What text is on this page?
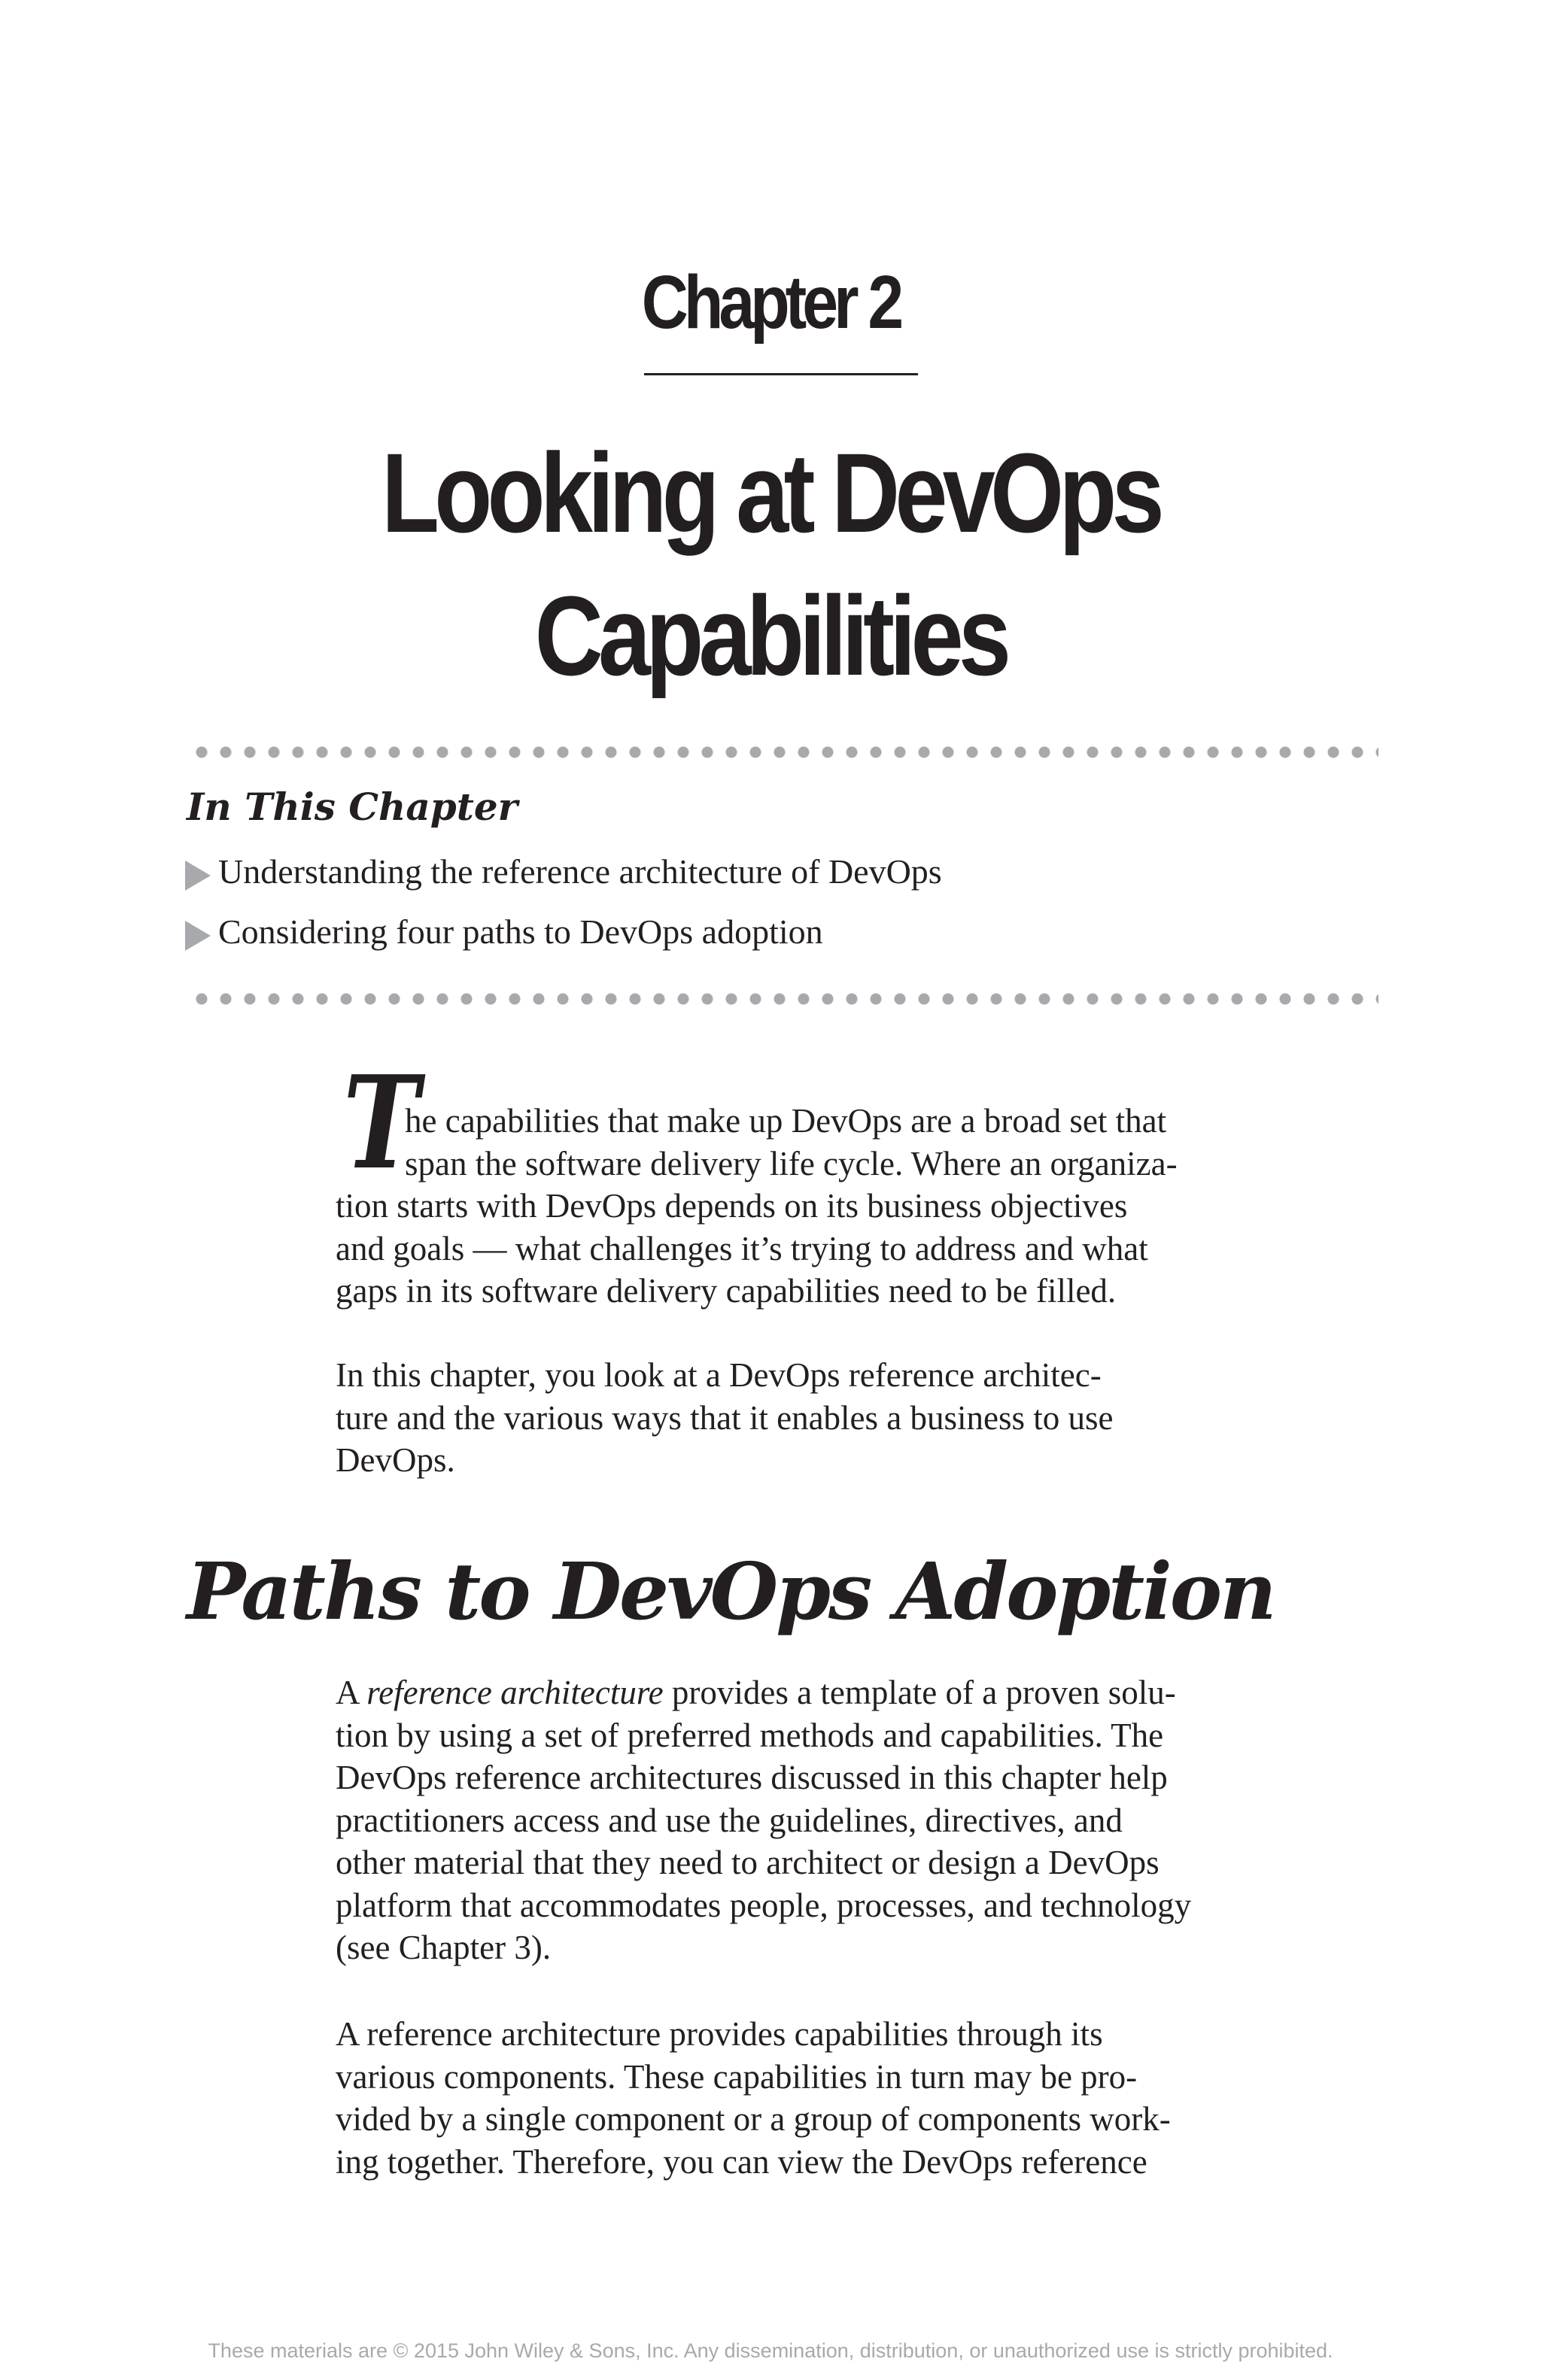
Chapter 2
Looking at DevOps
Capabilities
In This Chapter
Understanding the reference architecture of DevOps
Considering four paths to DevOps adoption
T
he capabilities that make up DevOps are a broad set that
span the software delivery life cycle. Where an organiza-
tion starts with DevOps depends on its business objectives
and goals — what challenges it’s trying to address and what
gaps in its software delivery capabilities need to be filled.
In this chapter, you look at a DevOps reference architec-
ture and the various ways that it enables a business to use
DevOps.
Paths to DevOps Adoption
A reference architecture provides a template of a proven solu-
tion by using a set of preferred methods and capabilities. The
DevOps reference architectures discussed in this chapter help
practitioners access and use the guidelines, directives, and
other material that they need to architect or design a DevOps
platform that accommodates people, processes, and technology
(see Chapter 3).
A reference architecture provides capabilities through its
various components. These capabilities in turn may be pro-
vided by a single component or a group of components work-
ing together. Therefore, you can view the DevOps reference
These materials are © 2015 John Wiley & Sons, Inc. Any dissemination, distribution, or unauthorized use is strictly prohibited.
